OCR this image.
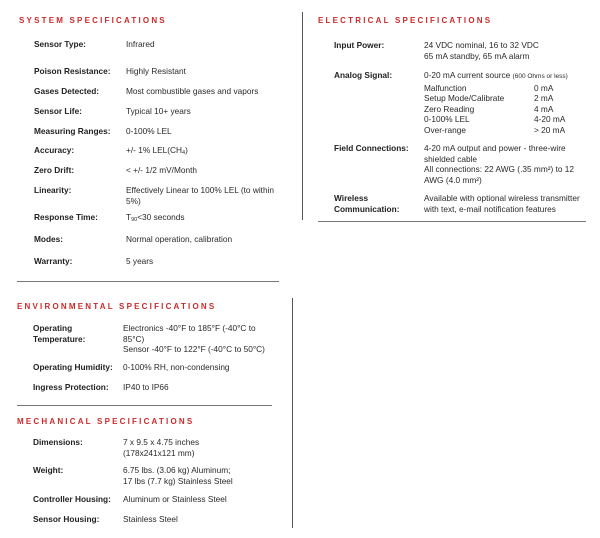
SYSTEM SPECIFICATIONS
Sensor Type:	Infrared
Poison Resistance:	Highly Resistant
Gases Detected:	Most combustible gases and vapors
Sensor Life:	Typical 10+ years
Measuring Ranges:	0-100% LEL
Accuracy:	+/- 1% $LEL(CH_4)$
Zero Drift:	< +/- 1/2 mV/Month
Linearity:	Effectively Linear to 100% LEL (to within 5%)
Response Time:	$T_{90}<30$ seconds
Modes:	Normal operation, calibration
Warranty:	5 years
ELECTRICAL SPECIFICATIONS
Input Power:	24 VDC nominal, 16 to 32 VDC
65 mA standby, 65 mA alarm
Analog Signal:	0-20 mA current source (600 Ohms or less)
Malfunction	0 mA
Setup Mode/Calibrate	2 mA
Zero Reading	4 mA
0-100% LEL	4-20 mA
Over-range	> 20 mA
Field Connections:	4-20 mA output and power - three-wire shielded cable
All connections: 22 AWG (.35 mm²) to 12 AWG (4.0 mm²)
Wireless
Communication:
Available with optional wireless transmitter with text, e-mail notification features
ENVIRONMENTAL SPECIFICATIONS
Operating
Temperature:
Electronics -40°F to 185°F (-40°C to 85°C)
Sensor -40°F to 122°F (-40°C to 50°C)
Operating Humidity:	0-100% RH, non-condensing
Ingress Protection:	IP40 to IP66
MECHANICAL SPECIFICATIONS
Dimensions:	7 x 9.5 x 4.75 inches
(178x241x121 mm)
Weight:	6.75 lbs. (3.06 kg) Aluminum;
17 lbs (7.7 kg) Stainless Steel
Controller Housing:	Aluminum or Stainless Steel
Sensor Housing:	Stainless Steel
